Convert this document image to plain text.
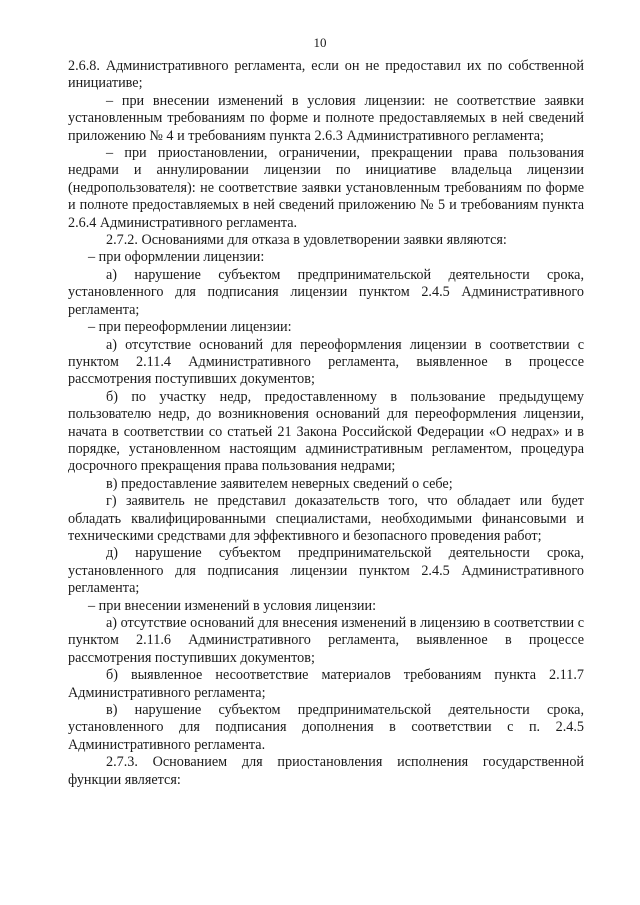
10

2.6.8. Административного регламента, если он не предоставил их по собственной инициативе;

– при внесении изменений в условия лицензии: не соответствие заявки установленным требованиям по форме и полноте предоставляемых в ней сведений приложению № 4 и требованиям пункта 2.6.3 Административного регламента;

– при приостановлении, ограничении, прекращении права пользования недрами и аннулировании лицензии по инициативе владельца лицензии (недропользователя): не соответствие заявки установленным требованиям по форме и полноте предоставляемых в ней сведений приложению № 5 и требованиям пункта 2.6.4 Административного регламента.

2.7.2. Основаниями для отказа в удовлетворении заявки являются:

– при оформлении лицензии:

а) нарушение субъектом предпринимательской деятельности срока, установленного для подписания лицензии пунктом 2.4.5 Административного регламента;

– при переоформлении лицензии:

а) отсутствие оснований для переоформления лицензии в соответствии с пунктом 2.11.4 Административного регламента, выявленное в процессе рассмотрения поступивших документов;

б) по участку недр, предоставленному в пользование предыдущему пользователю недр, до возникновения оснований для переоформления лицензии, начата в соответствии со статьей 21 Закона Российской Федерации «О недрах» и в порядке, установленном настоящим административным регламентом, процедура досрочного прекращения права пользования недрами;

в) предоставление заявителем неверных сведений о себе;

г) заявитель не представил доказательств того, что обладает или будет обладать квалифицированными специалистами, необходимыми финансовыми и техническими средствами для эффективного и безопасного проведения работ;

д) нарушение субъектом предпринимательской деятельности срока, установленного для подписания лицензии пунктом 2.4.5 Административного регламента;

– при внесении изменений в условия лицензии:

а) отсутствие оснований для внесения изменений в лицензию в соответствии с пунктом 2.11.6 Административного регламента, выявленное в процессе рассмотрения поступивших документов;

б) выявленное несоответствие материалов требованиям пункта 2.11.7 Административного регламента;

в) нарушение субъектом предпринимательской деятельности срока, установленного для подписания дополнения в соответствии с п. 2.4.5 Административного регламента.

2.7.3. Основанием для приостановления исполнения государственной функции является:
